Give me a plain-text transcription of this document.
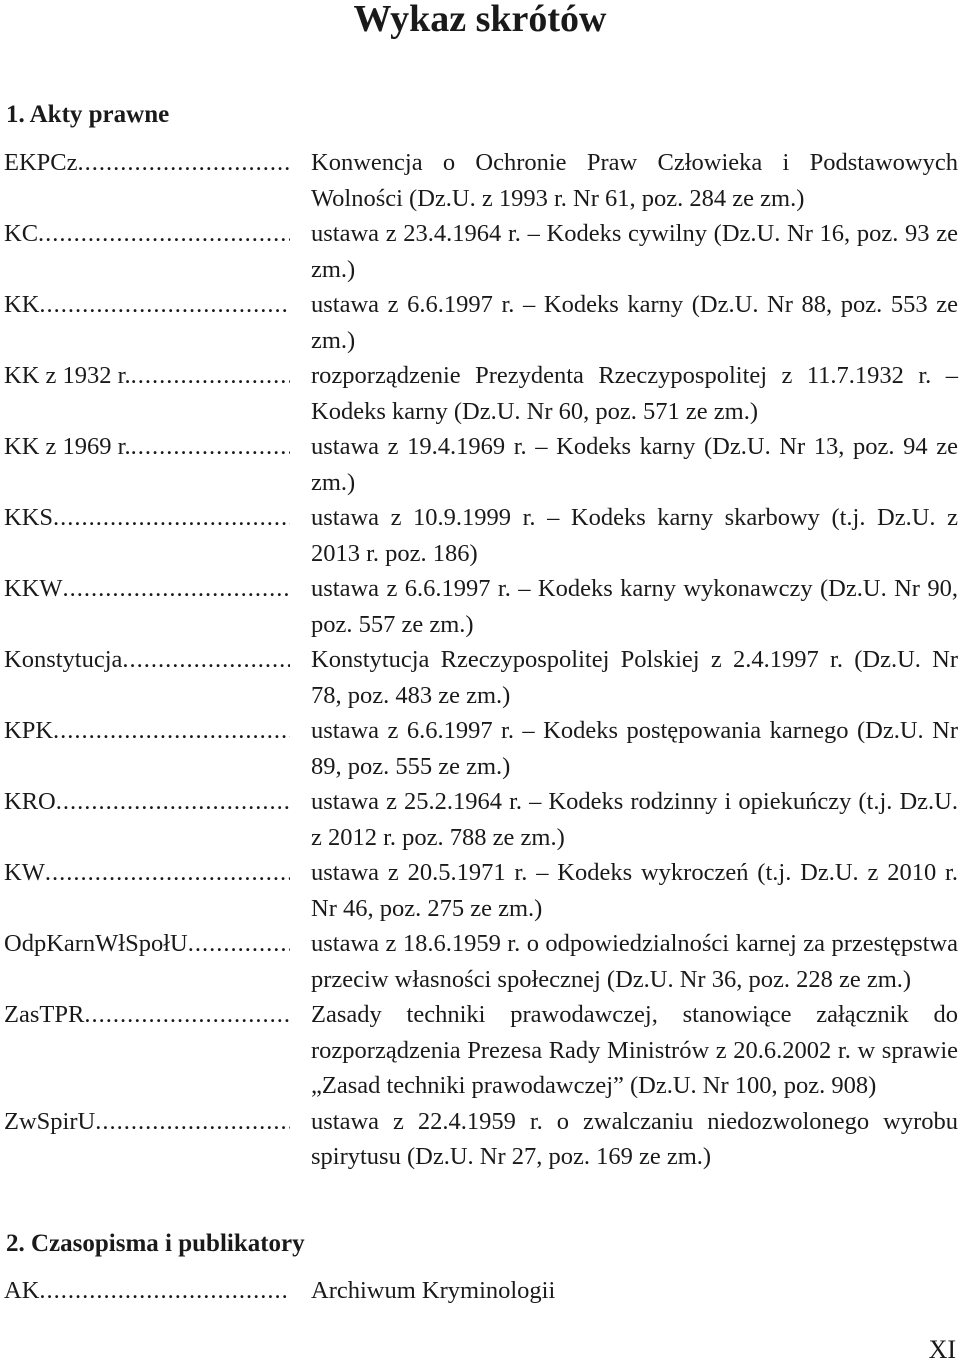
Wykaz skrótów
1. Akty prawne
EKPCz .....	Konwencja o Ochronie Praw Człowieka i Podstawowych Wolności (Dz.U. z 1993 r. Nr 61, poz. 284 ze zm.)
KC .....	ustawa z 23.4.1964 r. – Kodeks cywilny (Dz.U. Nr 16, poz. 93 ze zm.)
KK .....	ustawa z 6.6.1997 r. – Kodeks karny (Dz.U. Nr 88, poz. 553 ze zm.)
KK z 1932 r. .....	rozporządzenie Prezydenta Rzeczypospolitej z 11.7.1932 r. – Kodeks karny (Dz.U. Nr 60, poz. 571 ze zm.)
KK z 1969 r. .....	ustawa z 19.4.1969 r. – Kodeks karny (Dz.U. Nr 13, poz. 94 ze zm.)
KKS .....	ustawa z 10.9.1999 r. – Kodeks karny skarbowy (t.j. Dz.U. z 2013 r. poz. 186)
KKW .....	ustawa z 6.6.1997 r. – Kodeks karny wykonawczy (Dz.U. Nr 90, poz. 557 ze zm.)
Konstytucja .....	Konstytucja Rzeczypospolitej Polskiej z 2.4.1997 r. (Dz.U. Nr 78, poz. 483 ze zm.)
KPK .....	ustawa z 6.6.1997 r. – Kodeks postępowania karnego (Dz.U. Nr 89, poz. 555 ze zm.)
KRO .....	ustawa z 25.2.1964 r. – Kodeks rodzinny i opiekuńczy (t.j. Dz.U. z 2012 r. poz. 788 ze zm.)
KW .....	ustawa z 20.5.1971 r. – Kodeks wykroczeń (t.j. Dz.U. z 2010 r. Nr 46, poz. 275 ze zm.)
OdpKarnWłSpołU .....	ustawa z 18.6.1959 r. o odpowiedzialności karnej za przestępstwa przeciw własności społecznej (Dz.U. Nr 36, poz. 228 ze zm.)
ZasTPR .....	Zasady techniki prawodawczej, stanowiące załącznik do rozporządzenia Prezesa Rady Ministrów z 20.6.2002 r. w sprawie „Zasad techniki prawodawczej” (Dz.U. Nr 100, poz. 908)
ZwSpirU .....	ustawa z 22.4.1959 r. o zwalczaniu niedozwolonego wyrobu spirytusu (Dz.U. Nr 27, poz. 169 ze zm.)
2. Czasopisma i publikatory
AK .....	Archiwum Kryminologii
XI
